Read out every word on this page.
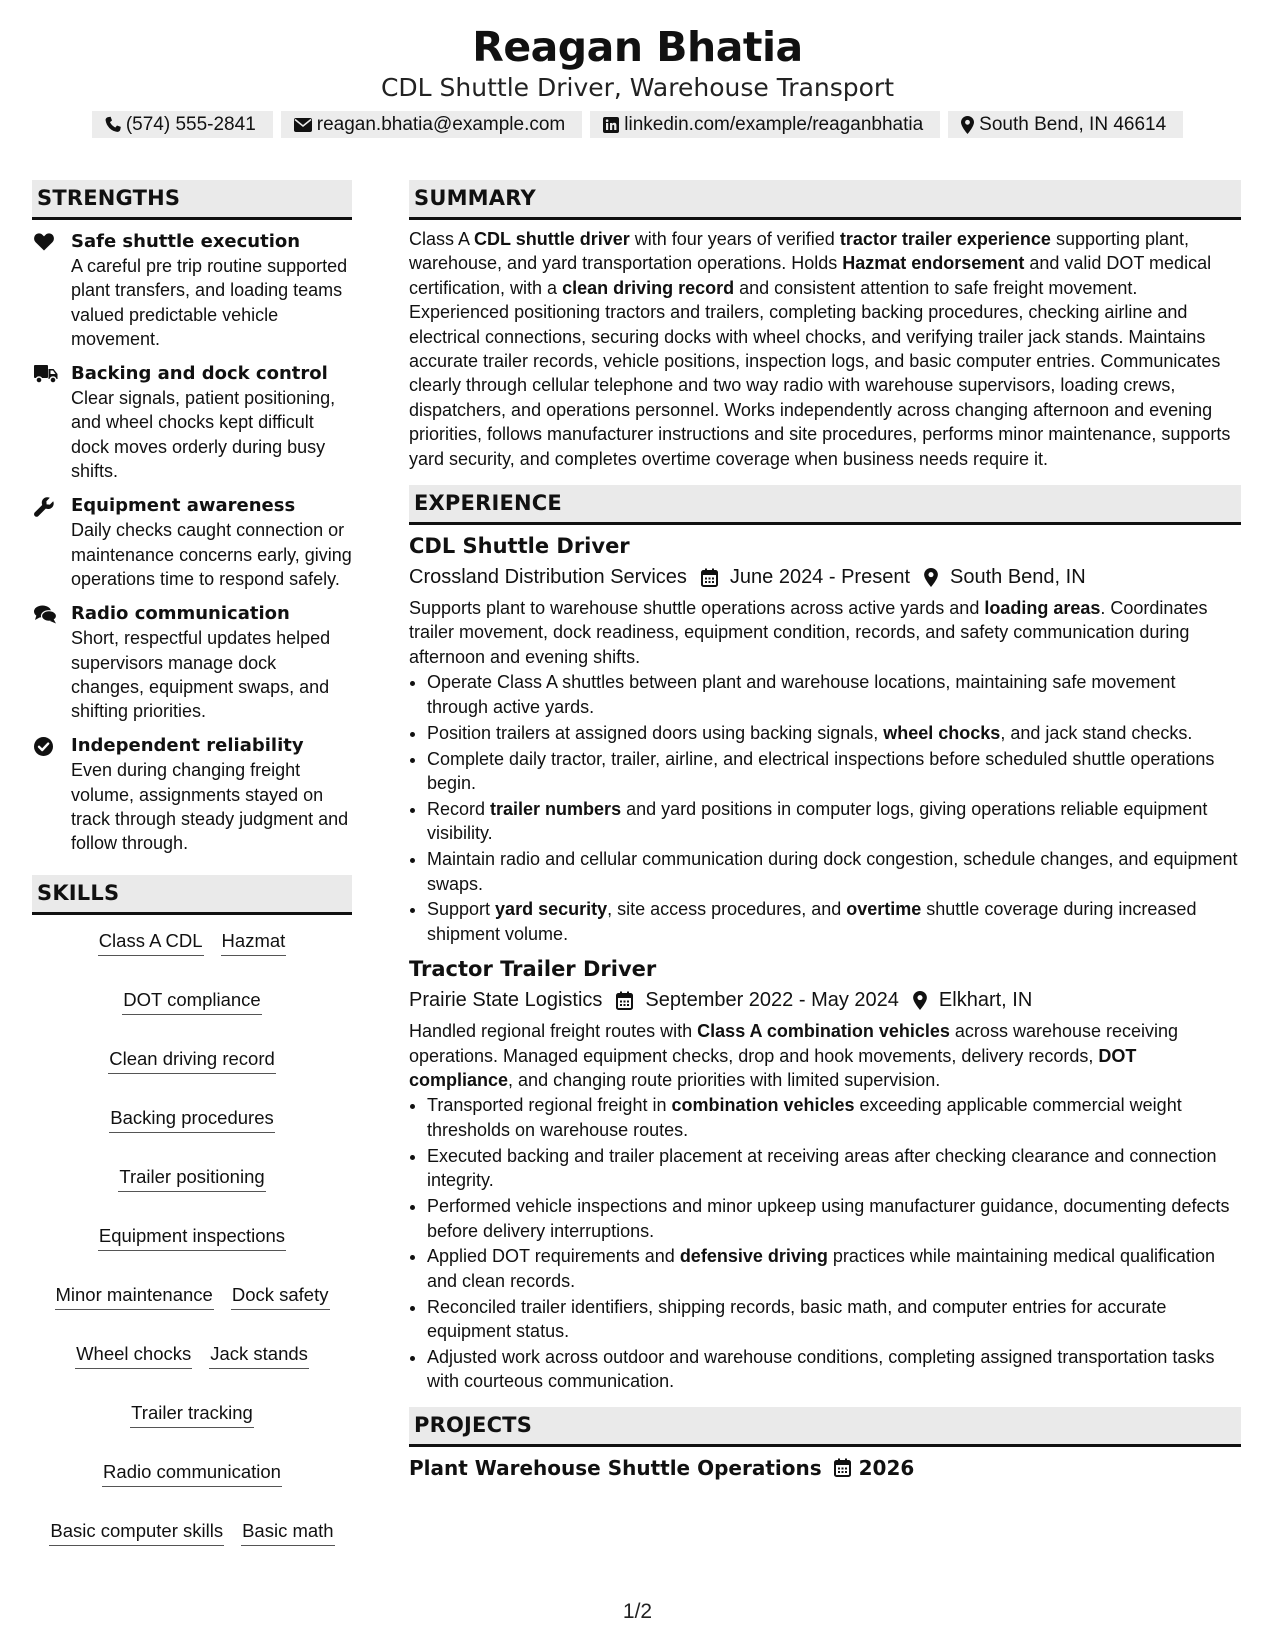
Reagan Bhatia
CDL Shuttle Driver, Warehouse Transport
(574) 555-2841	reagan.bhatia@example.com	linkedin.com/example/reaganbhatia	South Bend, IN 46614
STRENGTHS
Safe shuttle execution
A careful pre trip routine supported plant transfers, and loading teams valued predictable vehicle movement.
Backing and dock control
Clear signals, patient positioning, and wheel chocks kept difficult dock moves orderly during busy shifts.
Equipment awareness
Daily checks caught connection or maintenance concerns early, giving operations time to respond safely.
Radio communication
Short, respectful updates helped supervisors manage dock changes, equipment swaps, and shifting priorities.
Independent reliability
Even during changing freight volume, assignments stayed on track through steady judgment and follow through.
SKILLS
Class A CDL Hazmat
DOT compliance
Clean driving record
Backing procedures
Trailer positioning
Equipment inspections
Minor maintenance Dock safety
Wheel chocks Jack stands
Trailer tracking
Radio communication
Basic computer skills Basic math
SUMMARY
Class A CDL shuttle driver with four years of verified tractor trailer experience supporting plant, warehouse, and yard transportation operations. Holds Hazmat endorsement and valid DOT medical certification, with a clean driving record and consistent attention to safe freight movement. Experienced positioning tractors and trailers, completing backing procedures, checking airline and electrical connections, securing docks with wheel chocks, and verifying trailer jack stands. Maintains accurate trailer records, vehicle positions, inspection logs, and basic computer entries. Communicates clearly through cellular telephone and two way radio with warehouse supervisors, loading crews, dispatchers, and operations personnel. Works independently across changing afternoon and evening priorities, follows manufacturer instructions and site procedures, performs minor maintenance, supports yard security, and completes overtime coverage when business needs require it.
EXPERIENCE
CDL Shuttle Driver
Crossland Distribution Services June 2024 - Present South Bend, IN
Supports plant to warehouse shuttle operations across active yards and loading areas. Coordinates trailer movement, dock readiness, equipment condition, records, and safety communication during afternoon and evening shifts.
• Operate Class A shuttles between plant and warehouse locations, maintaining safe movement through active yards.
• Position trailers at assigned doors using backing signals, wheel chocks, and jack stand checks.
• Complete daily tractor, trailer, airline, and electrical inspections before scheduled shuttle operations begin.
• Record trailer numbers and yard positions in computer logs, giving operations reliable equipment visibility.
• Maintain radio and cellular communication during dock congestion, schedule changes, and equipment swaps.
• Support yard security, site access procedures, and overtime shuttle coverage during increased shipment volume.
Tractor Trailer Driver
Prairie State Logistics September 2022 - May 2024 Elkhart, IN
Handled regional freight routes with Class A combination vehicles across warehouse receiving operations. Managed equipment checks, drop and hook movements, delivery records, DOT compliance, and changing route priorities with limited supervision.
• Transported regional freight in combination vehicles exceeding applicable commercial weight thresholds on warehouse routes.
• Executed backing and trailer placement at receiving areas after checking clearance and connection integrity.
• Performed vehicle inspections and minor upkeep using manufacturer guidance, documenting defects before delivery interruptions.
• Applied DOT requirements and defensive driving practices while maintaining medical qualification and clean records.
• Reconciled trailer identifiers, shipping records, basic math, and computer entries for accurate equipment status.
• Adjusted work across outdoor and warehouse conditions, completing assigned transportation tasks with courteous communication.
PROJECTS
Plant Warehouse Shuttle Operations 2026
1/2
